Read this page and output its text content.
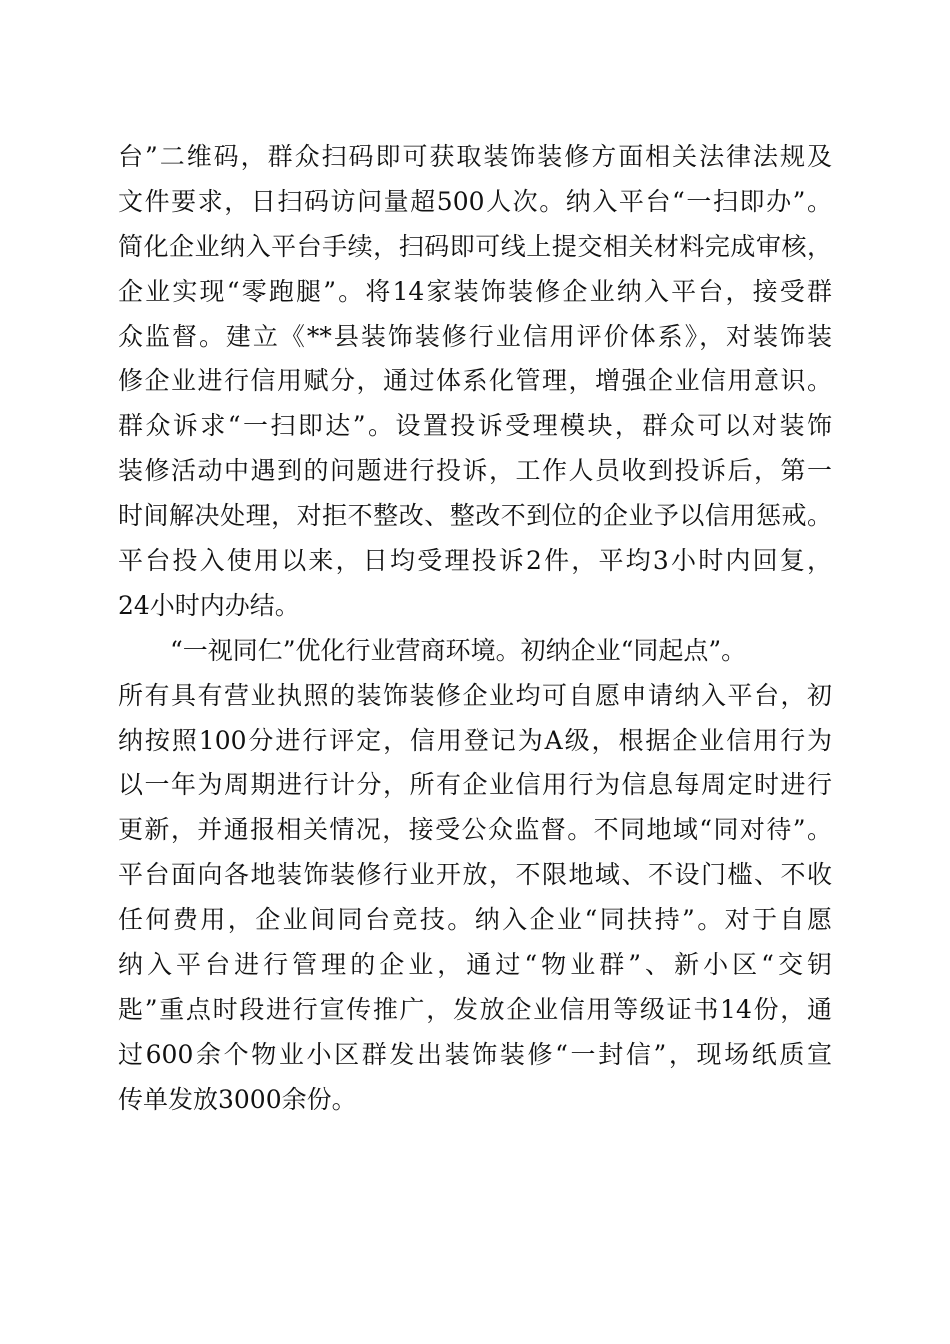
台”二维码，群众扫码即可获取装饰装修方面相关法律法规及
文件要求，日扫码访问量超500人次。纳入平台“一扫即办”。
简化企业纳入平台手续，扫码即可线上提交相关材料完成审核，
企业实现“零跑腿”。将14家装饰装修企业纳入平台，接受群
众监督。建立《**县装饰装修行业信用评价体系》，对装饰装
修企业进行信用赋分，通过体系化管理，增强企业信用意识。
群众诉求“一扫即达”。设置投诉受理模块，群众可以对装饰
装修活动中遇到的问题进行投诉，工作人员收到投诉后，第一
时间解决处理，对拒不整改、整改不到位的企业予以信用惩戒。
平台投入使用以来，日均受理投诉2件，平均3小时内回复，
24小时内办结。
“一视同仁”优化行业营商环境。初纳企业“同起点”。
所有具有营业执照的装饰装修企业均可自愿申请纳入平台，初
纳按照100分进行评定，信用登记为A级，根据企业信用行为
以一年为周期进行计分，所有企业信用行为信息每周定时进行
更新，并通报相关情况，接受公众监督。不同地域“同对待”。
平台面向各地装饰装修行业开放，不限地域、不设门槛、不收
任何费用，企业间同台竞技。纳入企业“同扶持”。对于自愿
纳入平台进行管理的企业，通过“物业群”、新小区“交钥
匙”重点时段进行宣传推广，发放企业信用等级证书14份，通
过600余个物业小区群发出装饰装修“一封信”，现场纸质宣
传单发放3000余份。
